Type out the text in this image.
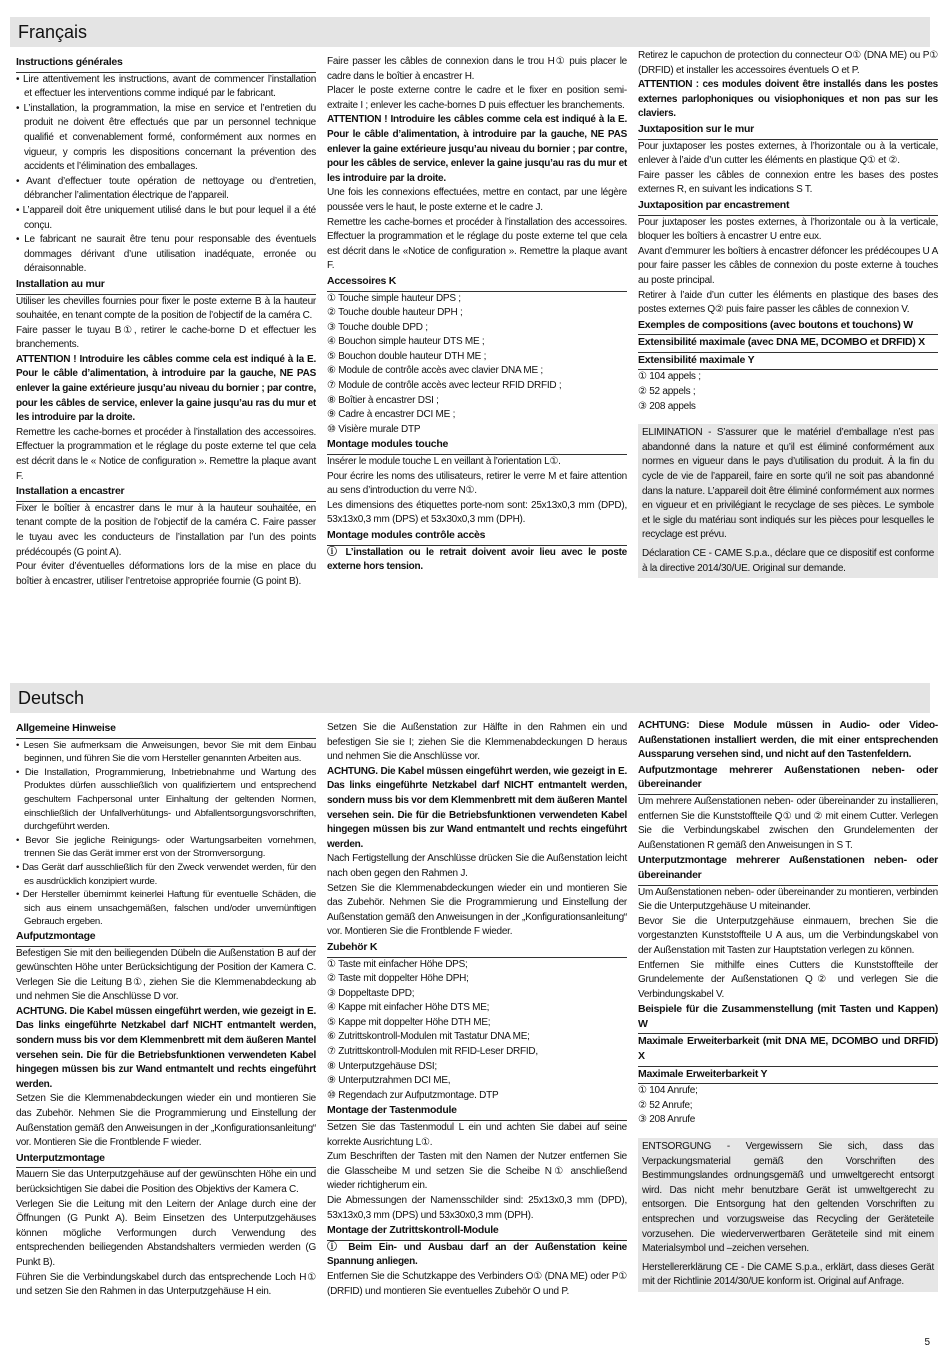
Français

Instructions générales

• Lire attentivement les instructions, avant de commencer l’installation et effectuer les interventions comme indiqué par le fabricant.

• L’installation, la programmation, la mise en service et l’entretien du produit ne doivent être effectués que par un personnel technique qualifié et convenablement formé, conformément aux normes en vigueur, y compris les dispositions concernant la prévention des accidents et l’élimination des emballages.

• Avant d’effectuer toute opération de nettoyage ou d’entretien, débrancher l’alimentation électrique de l’appareil.

• L’appareil doit être uniquement utilisé dans le but pour lequel il a été conçu.

• Le fabricant ne saurait être tenu pour responsable des éventuels dommages dérivant d’une utilisation inadéquate, erronée ou déraisonnable.

Installation au mur

Utiliser les chevilles fournies pour fixer le poste externe B à la hauteur souhaitée, en tenant compte de la position de l’objectif de la caméra C.

Faire passer le tuyau B①, retirer le cache-borne D et effectuer les branchements.

ATTENTION ! Introduire les câbles comme cela est indiqué à la E. Pour le câble d’alimentation, à introduire par la gauche, NE PAS enlever la gaine extérieure jusqu’au niveau du bornier ; par contre, pour les câbles de service, enlever la gaine jusqu’au ras du mur et les introduire par la droite.

Remettre les cache-bornes et procéder à l’installation des accessoires. Effectuer la programmation et le réglage du poste externe tel que cela est décrit dans le « Notice de configuration ». Remettre la plaque avant F.

Installation a encastrer

Fixer le boîtier à encastrer dans le mur à la hauteur souhaitée, en tenant compte de la position de l’objectif de la caméra C. Faire passer le tuyau avec les conducteurs de l’installation par l’un des points prédécoupés (G point A).

Pour éviter d’éventuelles déformations lors de la mise en place du boîtier à encastrer, utiliser l’entretoise appropriée fournie (G point B).

Faire passer les câbles de connexion dans le trou H① puis placer le cadre dans le boîtier à encastrer H.

Placer le poste externe contre le cadre et le fixer en position semi-extraite I ; enlever les cache-bornes D puis effectuer les branchements.

ATTENTION ! Introduire les câbles comme cela est indiqué à la E. Pour le câble d’alimentation, à introduire par la gauche, NE PAS enlever la gaine extérieure jusqu’au niveau du bornier ; par contre, pour les câbles de service, enlever la gaine jusqu’au ras du mur et les introduire par la droite.

Une fois les connexions effectuées, mettre en contact, par une légère poussée vers le haut, le poste externe et le cadre J.

Remettre les cache-bornes et procéder à l’installation des accessoires. Effectuer la programmation et le réglage du poste externe tel que cela est décrit dans le «Notice de configuration ». Remettre la plaque avant F.

Accessoires K

① Touche simple hauteur DPS ;

② Touche double hauteur DPH ;

③ Touche double DPD ;

④ Bouchon simple hauteur DTS ME ;

⑤ Bouchon double hauteur DTH ME ;

⑥ Module de contrôle accès avec clavier DNA ME ;

⑦ Module de contrôle accès avec lecteur RFID DRFID ;

⑧ Boîtier à encastrer DSI ;

⑨ Cadre à encastrer DCI ME ;

⑩ Visière murale DTP

Montage modules touche

Insérer le module touche L en veillant à l’orientation L①.

Pour écrire les noms des utilisateurs, retirer le verre M et faire attention au sens d’introduction du verre N①.

Les dimensions des étiquettes porte-nom sont: 25x13x0,3 mm (DPD), 53x13x0,3 mm (DPS) et 53x30x0,3 mm (DPH).

Montage modules contrôle accès

ⓘ L’installation ou le retrait doivent avoir lieu avec le poste externe hors tension.

Retirez le capuchon de protection du connecteur O① (DNA ME) ou P① (DRFID) et installer les accessoires éventuels O et P.

ATTENTION : ces modules doivent être installés dans les postes externes parlophoniques ou visiophoniques et non pas sur les claviers.

Juxtaposition sur le mur

Pour juxtaposer les postes externes, à l’horizontale ou à la verticale, enlever à l’aide d’un cutter les éléments en plastique Q① et ②.

Faire passer les câbles de connexion entre les bases des postes externes R, en suivant les indications S T.

Juxtaposition par encastrement

Pour juxtaposer les postes externes, à l’horizontale ou à la verticale, bloquer les boîtiers à encastrer U entre eux.

Avant d’emmurer les boîtiers à encastrer défoncer les prédécoupes U A pour faire passer les câbles de connexion du poste externe à touches au poste principal.

Retirer à l’aide d’un cutter les éléments en plastique des bases des postes externes Q② puis faire passer les câbles de connexion V.

Exemples de compositions (avec boutons et touchons) W

Extensibilité maximale (avec DNA ME, DCOMBO et DRFID) X

Extensibilité maximale Y

① 104 appels ;

② 52 appels ;

③ 208 appels

ELIMINATION - S’assurer que le matériel d’emballage n’est pas abandonné dans la nature et qu’il est éliminé conformément aux normes en vigueur dans le pays d’utilisation du produit. À la fin du cycle de vie de l’appareil, faire en sorte qu’il ne soit pas abandonné dans la nature. L’appareil doit être éliminé conformément aux normes en vigueur et en privilégiant le recyclage de ses pièces. Le symbole et le sigle du matériau sont indiqués sur les pièces pour lesquelles le recyclage est prévu.

Déclaration CE - CAME S.p.a., déclare que ce dispositif est conforme à la directive 2014/30/UE. Original sur demande.

Deutsch

Allgemeine Hinweise

• Lesen Sie aufmerksam die Anweisungen, bevor Sie mit dem Einbau beginnen, und führen Sie die vom Hersteller genannten Arbeiten aus.

• Die Installation, Programmierung, Inbetriebnahme und Wartung des Produktes dürfen ausschließlich von qualifiziertem und entsprechend geschultem Fachpersonal unter Einhaltung der geltenden Normen, einschließlich der Unfallverhütungs- und Abfallentsorgungsvorschriften, durchgeführt werden.

• Bevor Sie jegliche Reinigungs- oder Wartungsarbeiten vornehmen, trennen Sie das Gerät immer erst von der Stromversorgung.

• Das Gerät darf ausschließlich für den Zweck verwendet werden, für den es ausdrücklich konzipiert wurde.

• Der Hersteller übernimmt keinerlei Haftung für eventuelle Schäden, die sich aus einem unsachgemäßen, falschen und/oder unvernünftigen Gebrauch ergeben.

Aufputzmontage

Befestigen Sie mit den beiliegenden Dübeln die Außenstation B auf der gewünschten Höhe unter Berücksichtigung der Position der Kamera C. Verlegen Sie die Leitung B①, ziehen Sie die Klemmenabdeckung ab und nehmen Sie die Anschlüsse D vor.

ACHTUNG. Die Kabel müssen eingeführt werden, wie gezeigt in E. Das links eingeführte Netzkabel darf NICHT entmantelt werden, sondern muss bis vor dem Klemmenbrett mit dem äußeren Mantel versehen sein. Die für die Betriebsfunktionen verwendeten Kabel hingegen müssen bis zur Wand entmantelt und rechts eingeführt werden.

Setzen Sie die Klemmenabdeckungen wieder ein und montieren Sie das Zubehör. Nehmen Sie die Programmierung und Einstellung der Außenstation gemäß den Anweisungen in der „Konfigurationsanleitung“ vor. Montieren Sie die Frontblende F wieder.

Unterputzmontage

Mauern Sie das Unterputzgehäuse auf der gewünschten Höhe ein und berücksichtigen Sie dabei die Position des Objektivs der Kamera C.

Verlegen Sie die Leitung mit den Leitern der Anlage durch eine der Öffnungen (G Punkt A). Beim Einsetzen des Unterputzgehäuses können mögliche Verformungen durch Verwendung des entsprechenden beiliegenden Abstandshalters vermieden werden (G Punkt B).

Führen Sie die Verbindungskabel durch das entsprechende Loch H① und setzen Sie den Rahmen in das Unterputzgehäuse H ein.

Setzen Sie die Außenstation zur Hälfte in den Rahmen ein und befestigen Sie sie I; ziehen Sie die Klemmenabdeckungen D heraus und nehmen Sie die Anschlüsse vor.

ACHTUNG. Die Kabel müssen eingeführt werden, wie gezeigt in E. Das links eingeführte Netzkabel darf NICHT entmantelt werden, sondern muss bis vor dem Klemmenbrett mit dem äußeren Mantel versehen sein. Die für die Betriebsfunktionen verwendeten Kabel hingegen müssen bis zur Wand entmantelt und rechts eingeführt werden.

Nach Fertigstellung der Anschlüsse drücken Sie die Außenstation leicht nach oben gegen den Rahmen J.

Setzen Sie die Klemmenabdeckungen wieder ein und montieren Sie das Zubehör. Nehmen Sie die Programmierung und Einstellung der Außenstation gemäß den Anweisungen in der „Konfigurationsanleitung“ vor. Montieren Sie die Frontblende F wieder.

Zubehör K

① Taste mit einfacher Höhe DPS;

② Taste mit doppelter Höhe DPH;

③ Doppeltaste DPD;

④ Kappe mit einfacher Höhe DTS ME;

⑤ Kappe mit doppelter Höhe DTH ME;

⑥ Zutrittskontroll-Modulen mit Tastatur DNA ME;

⑦ Zutrittskontroll-Modulen mit RFID-Leser DRFID,

⑧ Unterputzgehäuse DSI;

⑨ Unterputzrahmen DCI ME,

⑩ Regendach zur Aufputzmontage. DTP

Montage der Tastenmodule

Setzen Sie das Tastenmodul L ein und achten Sie dabei auf seine korrekte Ausrichtung L①.

Zum Beschriften der Tasten mit den Namen der Nutzer entfernen Sie die Glasscheibe M und setzen Sie die Scheibe N① anschließend wieder richtigherum ein.

Die Abmessungen der Namensschilder sind: 25x13x0,3 mm (DPD), 53x13x0,3 mm (DPS) und 53x30x0,3 mm (DPH).

Montage der Zutrittskontroll-Module

ⓘ Beim Ein- und Ausbau darf an der Außenstation keine Spannung anliegen.

Entfernen Sie die Schutzkappe des Verbinders O① (DNA ME) oder P① (DRFID) und montieren Sie eventuelles Zubehör O und P.

ACHTUNG: Diese Module müssen in Audio- oder Video-Außenstationen installiert werden, die mit einer entsprechenden Aussparung versehen sind, und nicht auf den Tastenfeldern.

Aufputzmontage mehrerer Außenstationen neben- oder übereinander

Um mehrere Außenstationen neben- oder übereinander zu installieren, entfernen Sie die Kunststoffteile Q① und ② mit einem Cutter. Verlegen Sie die Verbindungskabel zwischen den Grundelementen der Außenstationen R gemäß den Anweisungen in S T.

Unterputzmontage mehrerer Außenstationen neben- oder übereinander

Um Außenstationen neben- oder übereinander zu montieren, verbinden Sie die Unterputzgehäuse U miteinander.

Bevor Sie die Unterputzgehäuse einmauern, brechen Sie die vorgestanzten Kunststoffteile U A aus, um die Verbindungskabel von der Außenstation mit Tasten zur Hauptstation verlegen zu können.

Entfernen Sie mithilfe eines Cutters die Kunststoffteile der Grundelemente der Außenstationen Q② und verlegen Sie die Verbindungskabel V.

Beispiele für die Zusammenstellung (mit Tasten und Kappen) W

Maximale Erweiterbarkeit (mit DNA ME, DCOMBO und DRFID) X

Maximale Erweiterbarkeit Y

① 104 Anrufe;

② 52 Anrufe;

③ 208 Anrufe

ENTSORGUNG - Vergewissern Sie sich, dass das Verpackungsmaterial gemäß den Vorschriften des Bestimmungslandes ordnungsgemäß und umweltgerecht entsorgt wird. Das nicht mehr benutzbare Gerät ist umweltgerecht zu entsorgen. Die Entsorgung hat den geltenden Vorschriften zu entsprechen und vorzugsweise das Recycling der Geräteteile vorzusehen. Die wiederverwertbaren Geräteteile sind mit einem Materialsymbol und –zeichen versehen.

Herstellererklärung CE - Die CAME S.p.a., erklärt, dass dieses Gerät mit der Richtlinie 2014/30/UE konform ist. Original auf Anfrage.

5
